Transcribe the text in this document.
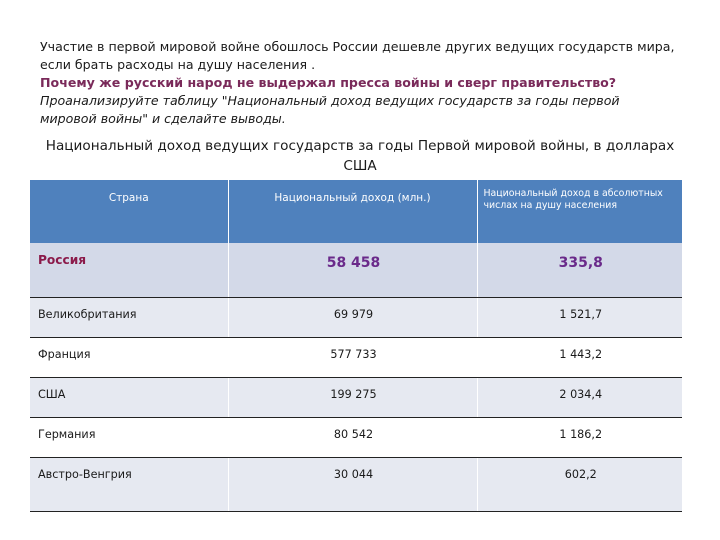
Участие в первой мировой войне обошлось России дешевле других ведущих государств мира, если брать расходы на душу населения .

Почему же русский народ не выдержал пресса войны и сверг правительство?

Проанализируйте таблицу "Национальный доход ведущих государств за годы первой мировой войны" и сделайте выводы.

Национальный доход ведущих государств за годы Первой мировой войны, в долларах США
Страна	Национальный доход (млн.)	Национальный доход в абсолютных числах на душу населения
Россия	58 458	335,8
Великобритания	69 979	1 521,7
Франция	577 733	1 443,2
США	199 275	2 034,4
Германия	80 542	1 186,2
Австро-Венгрия	30 044	602,2
